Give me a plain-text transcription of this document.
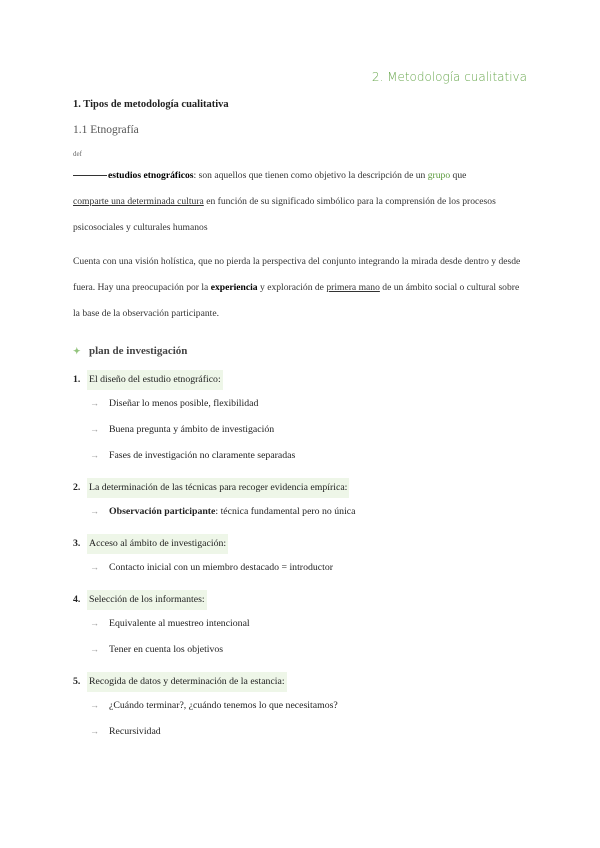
2. Metodología cualitativa
1. Tipos de metodología cualitativa
1.1 Etnografía
def

estudios etnográficos: son aquellos que tienen como objetivo la descripción de un grupo que
comparte una determinada cultura en función de su significado simbólico para la comprensión de los procesos psicosociales y culturales humanos

Cuenta con una visión holística, que no pierda la perspectiva del conjunto integrando la mirada desde dentro y desde fuera. Hay una preocupación por la experiencia y exploración de primera mano de un ámbito social o cultural sobre la base de la observación participante.

✦ plan de investigación
1. El diseño del estudio etnográfico:
→	Diseñar lo menos posible, flexibilidad
→	Buena pregunta y ámbito de investigación
→	Fases de investigación no claramente separadas
2. La determinación de las técnicas para recoger evidencia empírica:
→	Observación participante: técnica fundamental pero no única
3. Acceso al ámbito de investigación:
→	Contacto inicial con un miembro destacado = introductor
4. Selección de los informantes:
→	Equivalente al muestreo intencional
→	Tener en cuenta los objetivos
5. Recogida de datos y determinación de la estancia:
→	¿Cuándo terminar?, ¿cuándo tenemos lo que necesitamos?
→	Recursividad
